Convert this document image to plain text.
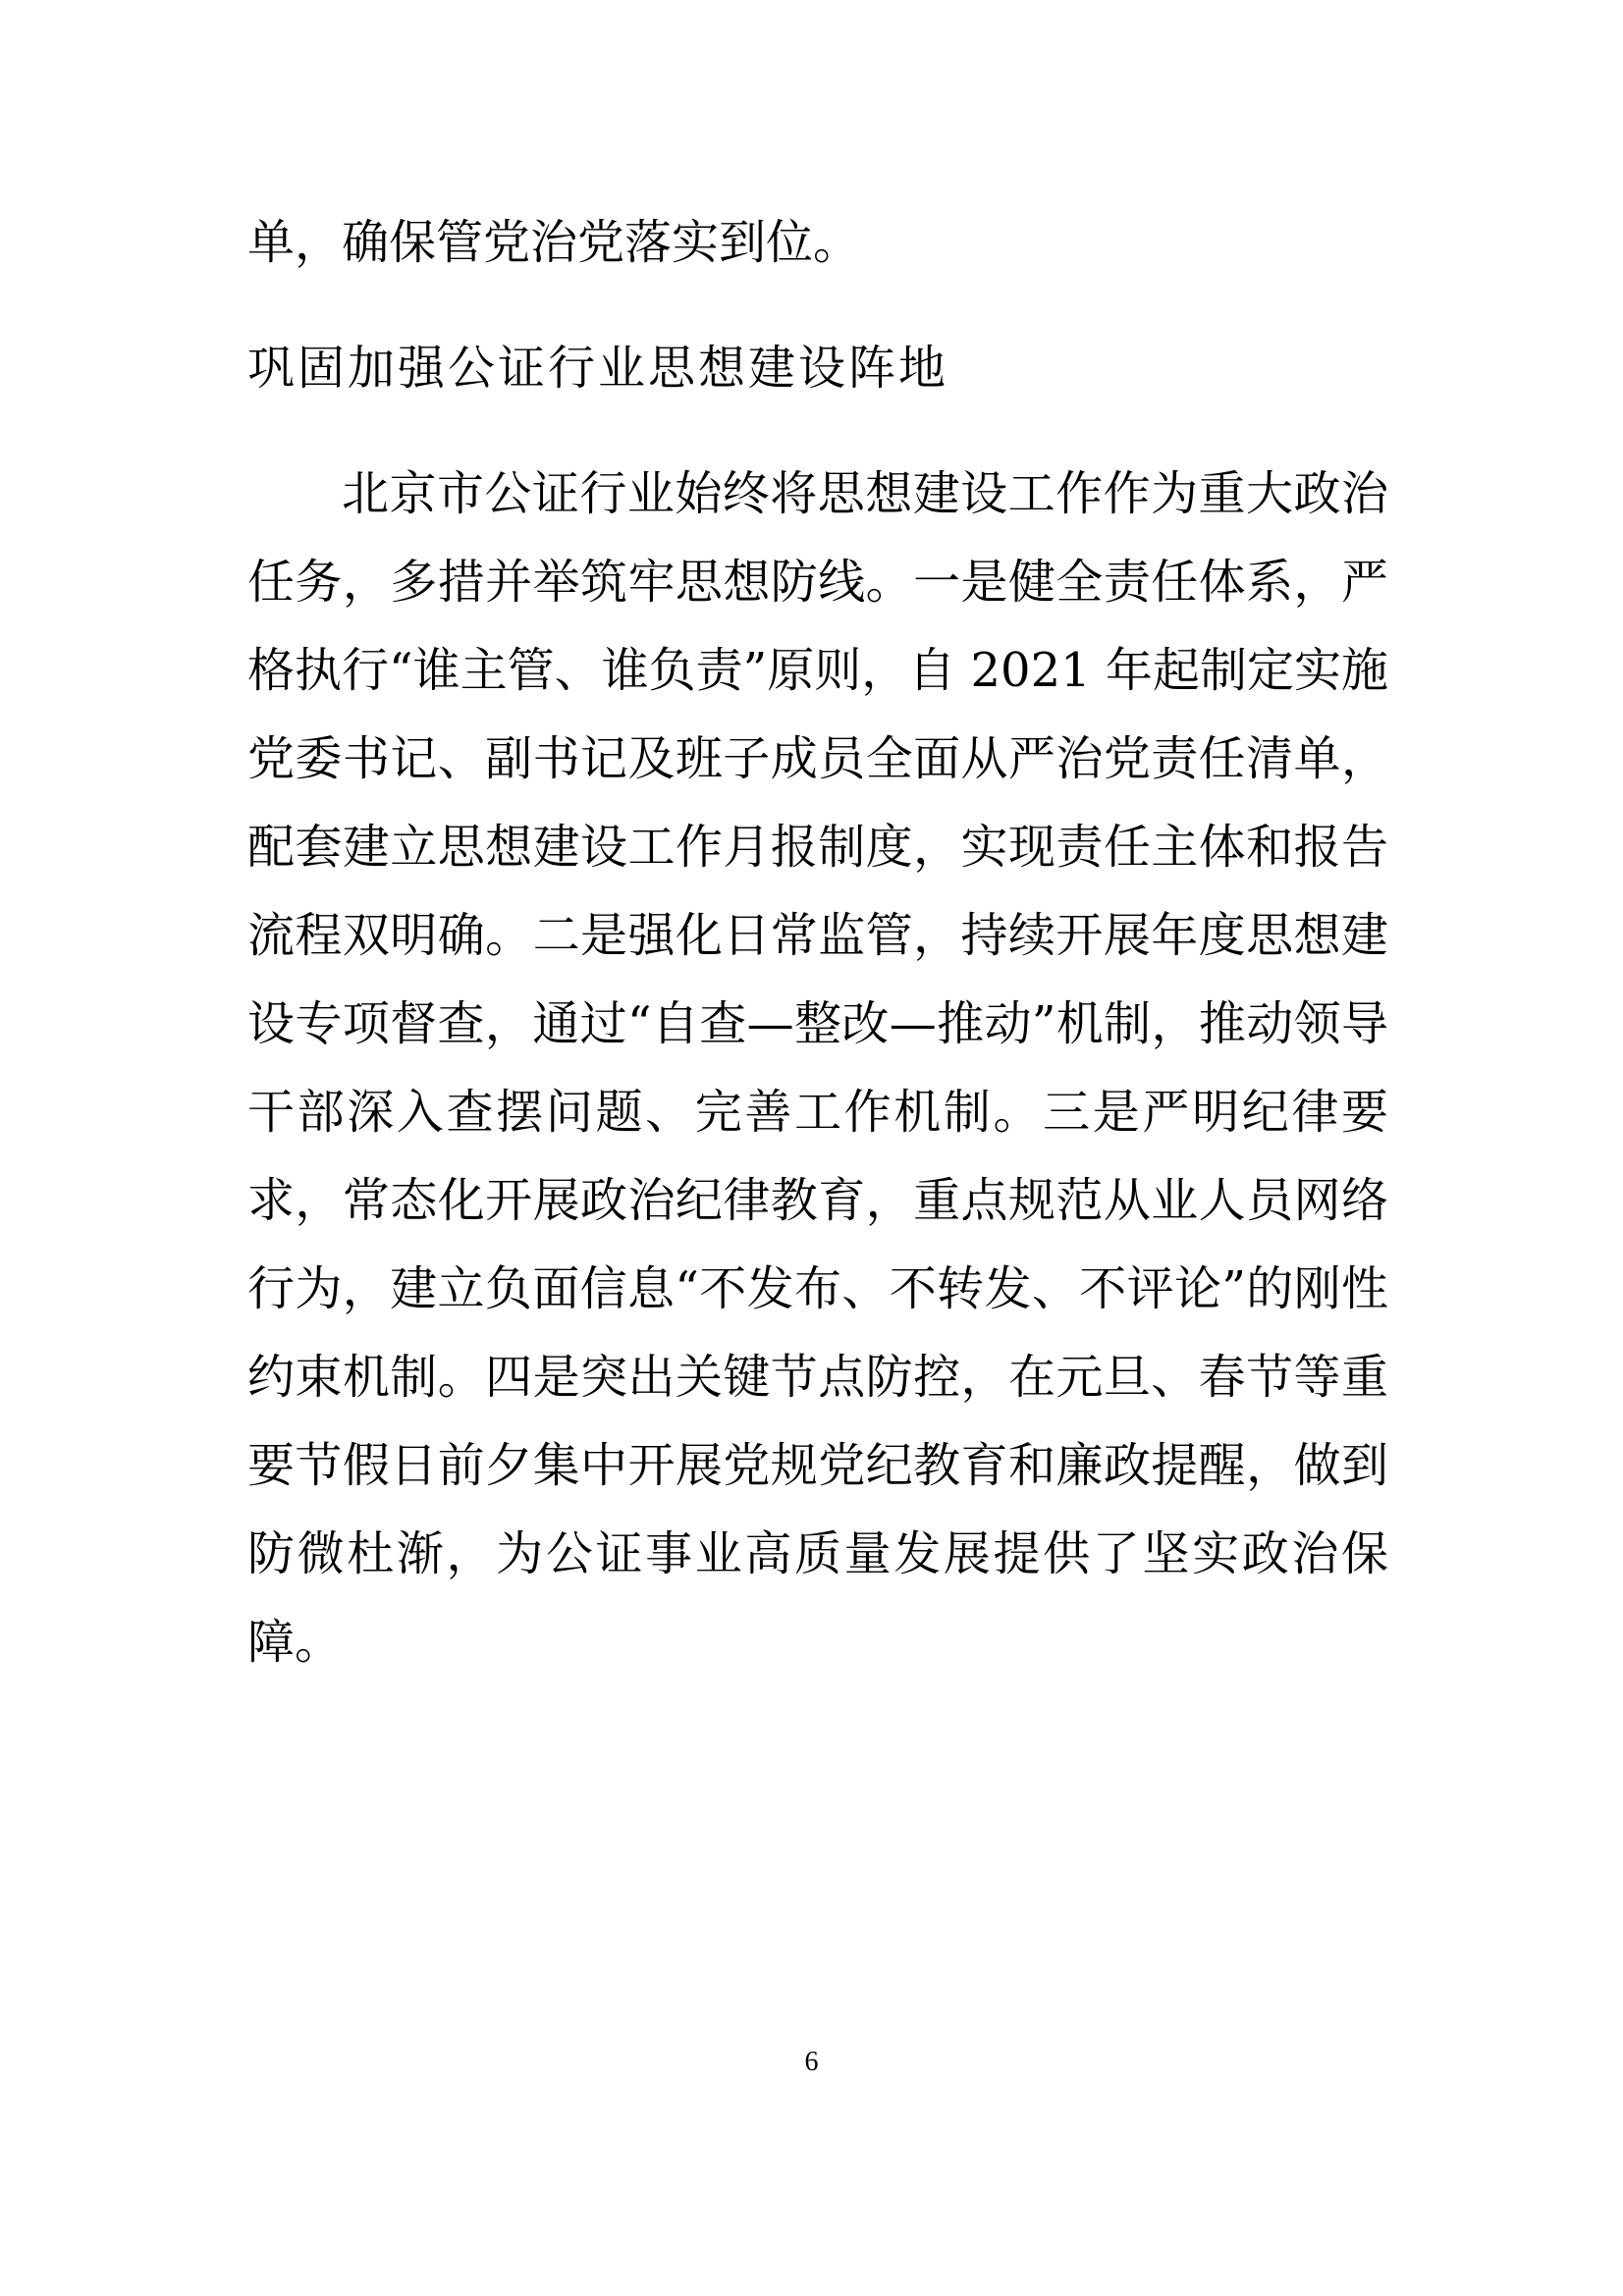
单，确保管党治党落实到位。
巩固加强公证行业思想建设阵地
北京市公证行业始终将思想建设工作作为重大政治任务，多措并举筑牢思想防线。一是健全责任体系，严格执行“谁主管、谁负责”原则，自 2021 年起制定实施党委书记、副书记及班子成员全面从严治党责任清单，配套建立思想建设工作月报制度，实现责任主体和报告流程双明确。二是强化日常监管，持续开展年度思想建设专项督查，通过“自查—整改—推动”机制，推动领导干部深入查摆问题、完善工作机制。三是严明纪律要求，常态化开展政治纪律教育，重点规范从业人员网络行为，建立负面信息“不发布、不转发、不评论”的刚性约束机制。四是突出关键节点防控，在元旦、春节等重要节假日前夕集中开展党规党纪教育和廉政提醒，做到防微杜渐，为公证事业高质量发展提供了坚实政治保障。
6
